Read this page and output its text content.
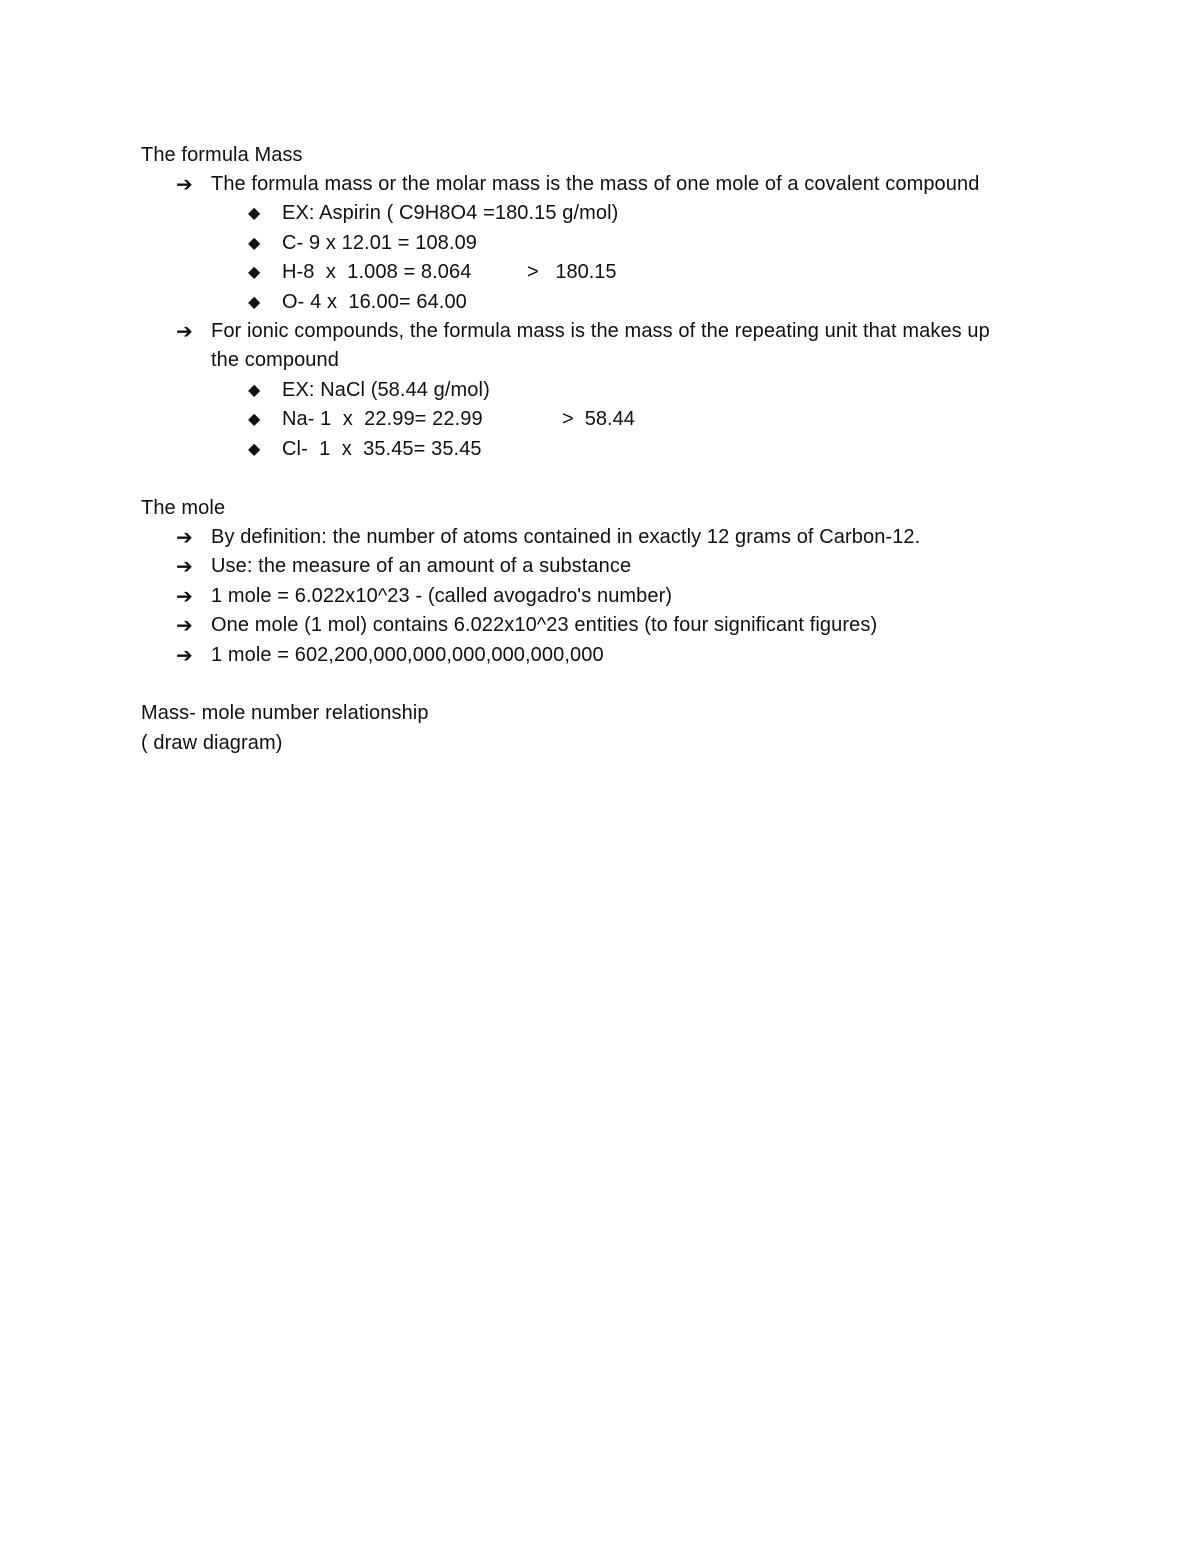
The formula Mass
➔ The formula mass or the molar mass is the mass of one mole of a covalent compound
◆ EX: Aspirin ( C9H8O4 =180.15 g/mol)
◆ C- 9 x 12.01 = 108.09
◆ H-8  x  1.008 = 8.064	>   180.15
◆ O- 4 x  16.00= 64.00
➔ For ionic compounds, the formula mass is the mass of the repeating unit that makes up
the compound
◆ EX: NaCl (58.44 g/mol)
◆ Na- 1  x  22.99= 22.99	>  58.44
◆ Cl-  1  x  35.45= 35.45
The mole
➔ By definition: the number of atoms contained in exactly 12 grams of Carbon-12.
➔ Use: the measure of an amount of a substance
➔ 1 mole = 6.022x10^23 - (called avogadro's number)
➔ One mole (1 mol) contains 6.022x10^23 entities (to four significant figures)
➔ 1 mole = 602,200,000,000,000,000,000,000
Mass- mole number relationship
( draw diagram)
